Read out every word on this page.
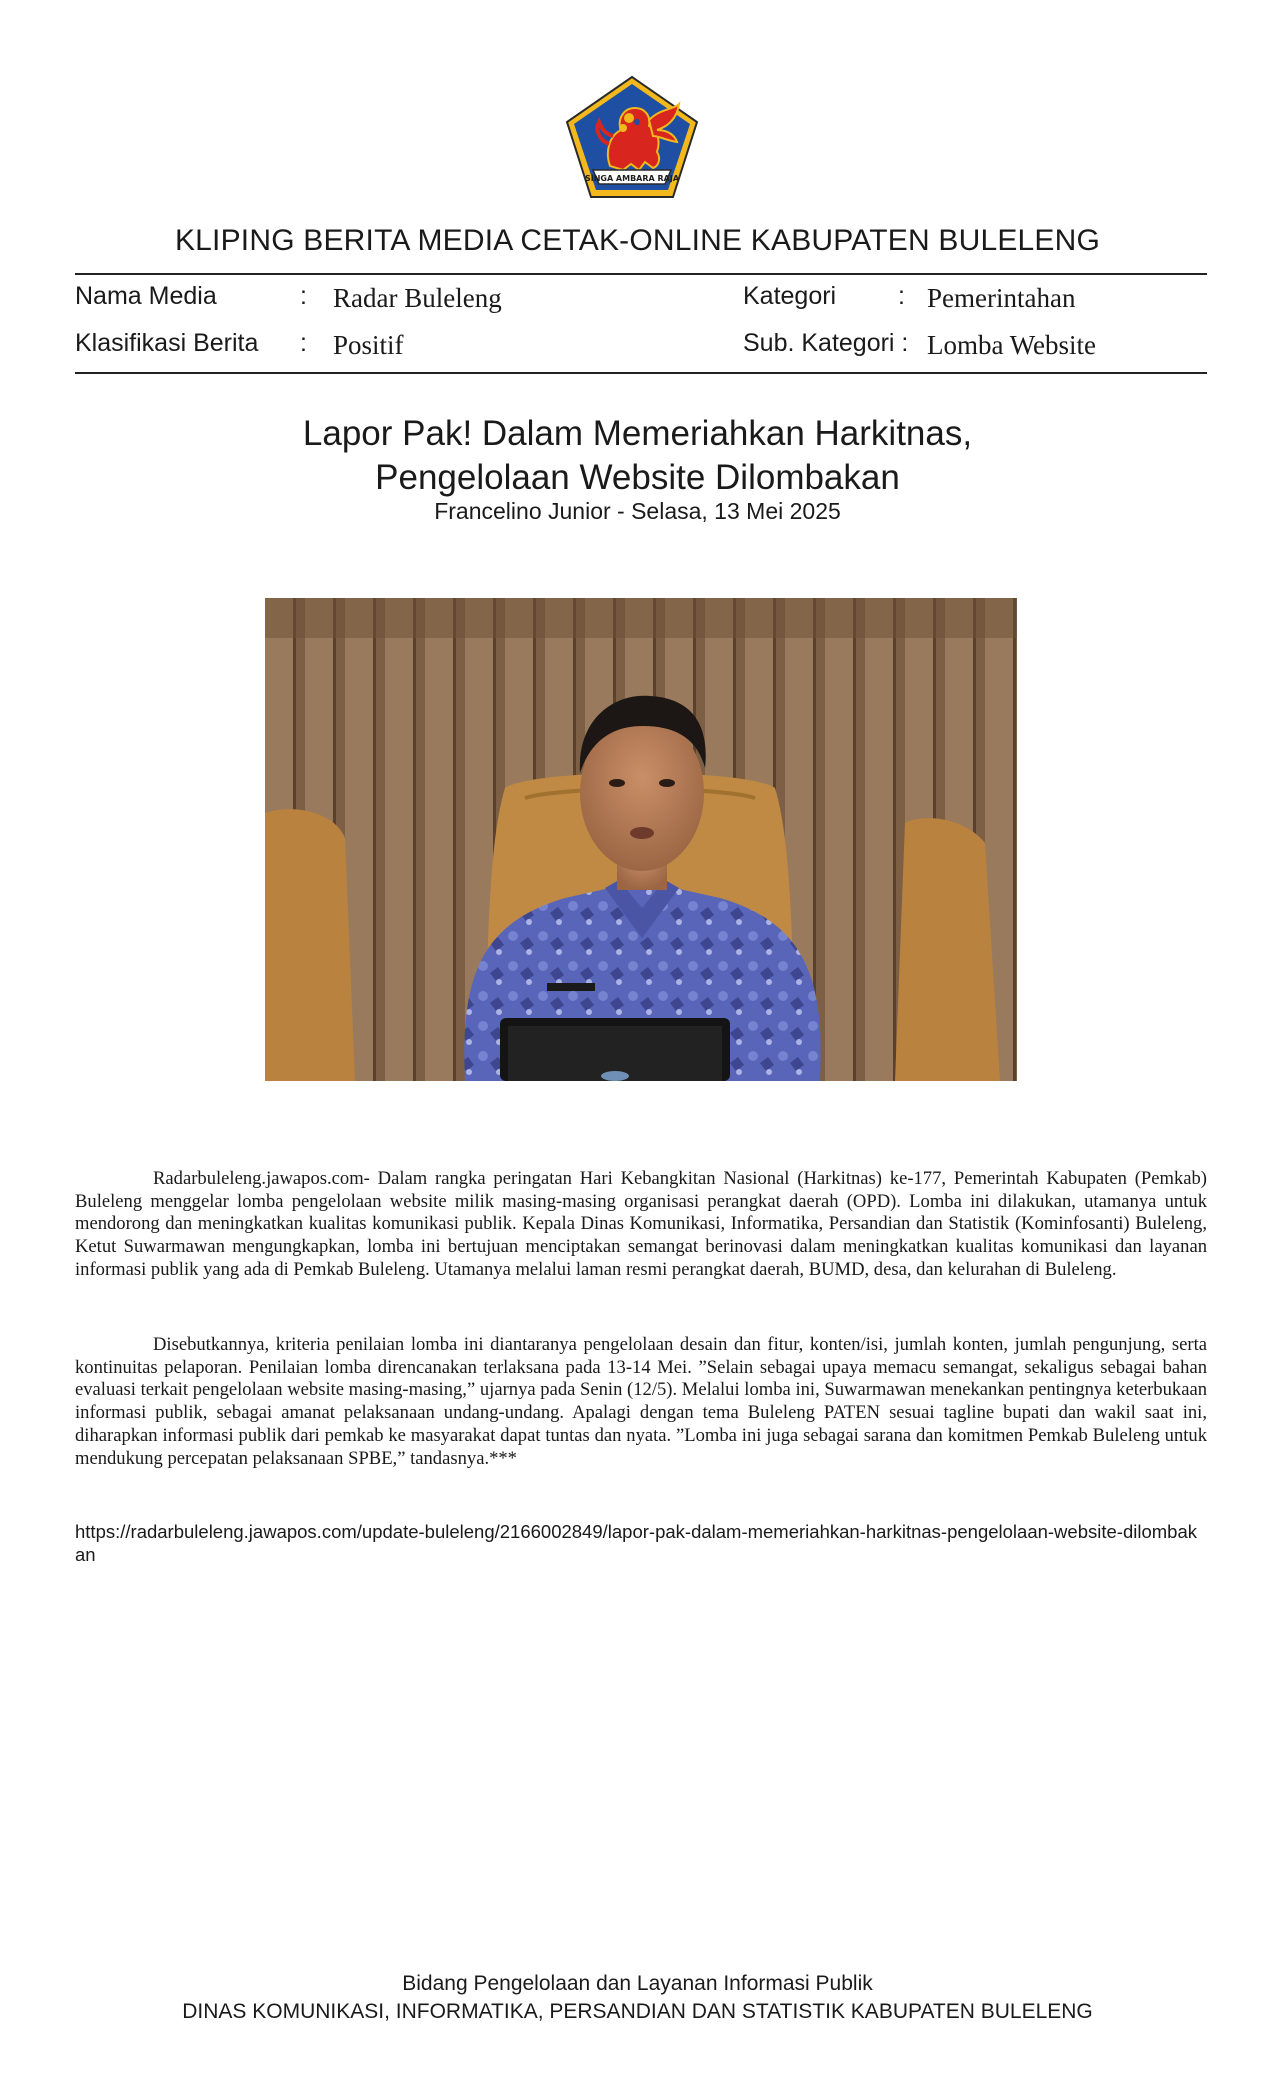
SINGA AMBARA RAJA
KLIPING BERITA MEDIA CETAK-ONLINE KABUPATEN BULELENG
Nama Media	: Radar Buleleng
Klasifikasi Berita : Positif
Kategori : Pemerintahan
Sub. Kategori : Lomba Website
Lapor Pak! Dalam Memeriahkan Harkitnas,
Pengelolaan Website Dilombakan
Francelino Junior - Selasa, 13 Mei 2025

Radarbuleleng.jawapos.com- Dalam rangka peringatan Hari Kebangkitan Nasional (Harkitnas) ke-177, Pemerintah Kabupaten (Pemkab) Buleleng menggelar lomba pengelolaan website milik masing-masing organisasi perangkat daerah (OPD). Lomba ini dilakukan, utamanya untuk mendorong dan meningkatkan kualitas komunikasi publik. Kepala Dinas Komunikasi, Informatika, Persandian dan Statistik (Kominfosanti) Buleleng, Ketut Suwarmawan mengungkapkan, lomba ini bertujuan menciptakan semangat berinovasi dalam meningkatkan kualitas komunikasi dan layanan informasi publik yang ada di Pemkab Buleleng. Utamanya melalui laman resmi perangkat daerah, BUMD, desa, dan kelurahan di Buleleng.

Disebutkannya, kriteria penilaian lomba ini diantaranya pengelolaan desain dan fitur, konten/isi, jumlah konten, jumlah pengunjung, serta kontinuitas pelaporan. Penilaian lomba direncanakan terlaksana pada 13-14 Mei. ”Selain sebagai upaya memacu semangat, sekaligus sebagai bahan evaluasi terkait pengelolaan website masing-masing,” ujarnya pada Senin (12/5). Melalui lomba ini, Suwarmawan menekankan pentingnya keterbukaan informasi publik, sebagai amanat pelaksanaan undang-undang. Apalagi dengan tema Buleleng PATEN sesuai tagline bupati dan wakil saat ini, diharapkan informasi publik dari pemkab ke masyarakat dapat tuntas dan nyata. ”Lomba ini juga sebagai sarana dan komitmen Pemkab Buleleng untuk mendukung percepatan pelaksanaan SPBE,” tandasnya.***

https://radarbuleleng.jawapos.com/update-buleleng/2166002849/lapor-pak-dalam-memeriahkan-harkitnas-pengelolaan-website-dilombakan
Bidang Pengelolaan dan Layanan Informasi Publik
DINAS KOMUNIKASI, INFORMATIKA, PERSANDIAN DAN STATISTIK KABUPATEN BULELENG
